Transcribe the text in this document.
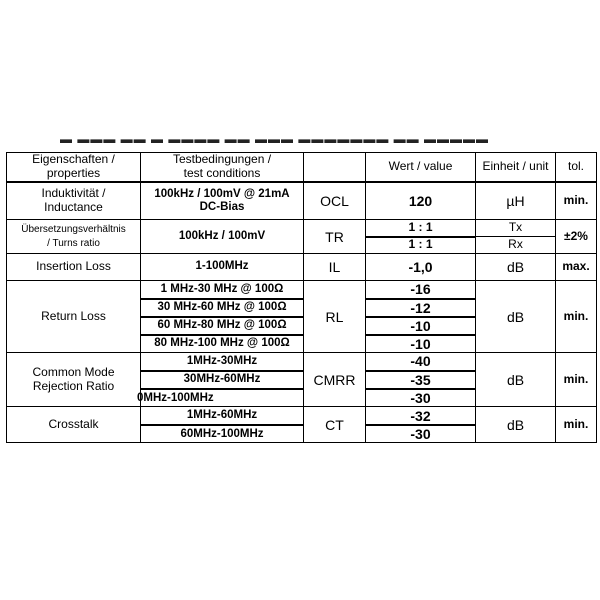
▬ ▬▬▬ ▬▬ ▬ ▬▬▬▬ ▬▬ ▬▬▬ ▬▬▬▬▬▬▬ ▬▬ ▬▬▬▬▬
Eigenschaften /
properties	Testbedingungen /
test conditions		Wert / value	Einheit / unit	tol.

Induktivität /
Inductance	100kHz / 100mV @ 21mA
DC-Bias	OCL	120	µH	min.

Übersetzungsverhältnis
/ Turns ratio	100kHz / 100mV	TR	1 : 1	Tx	±2%
			1 : 1	Rx	
Insertion Loss	1-100MHz	IL	-1,0	dB	max.
Return Loss	1 MHz-30 MHz @ 100Ω	RL	-16	dB	min.
	30 MHz-60 MHz @ 100Ω		-12		
	60 MHz-80 MHz @ 100Ω		-10		
	80 MHz-100 MHz @ 100Ω		-10		

Common Mode
Rejection Ratio	1MHz-30MHz	CMRR	-40	dB	min.
	30MHz-60MHz		-35		
	0MHz-100MHz		-30		
Crosstalk	1MHz-60MHz	CT	-32	dB	min.
	60MHz-100MHz		-30		
